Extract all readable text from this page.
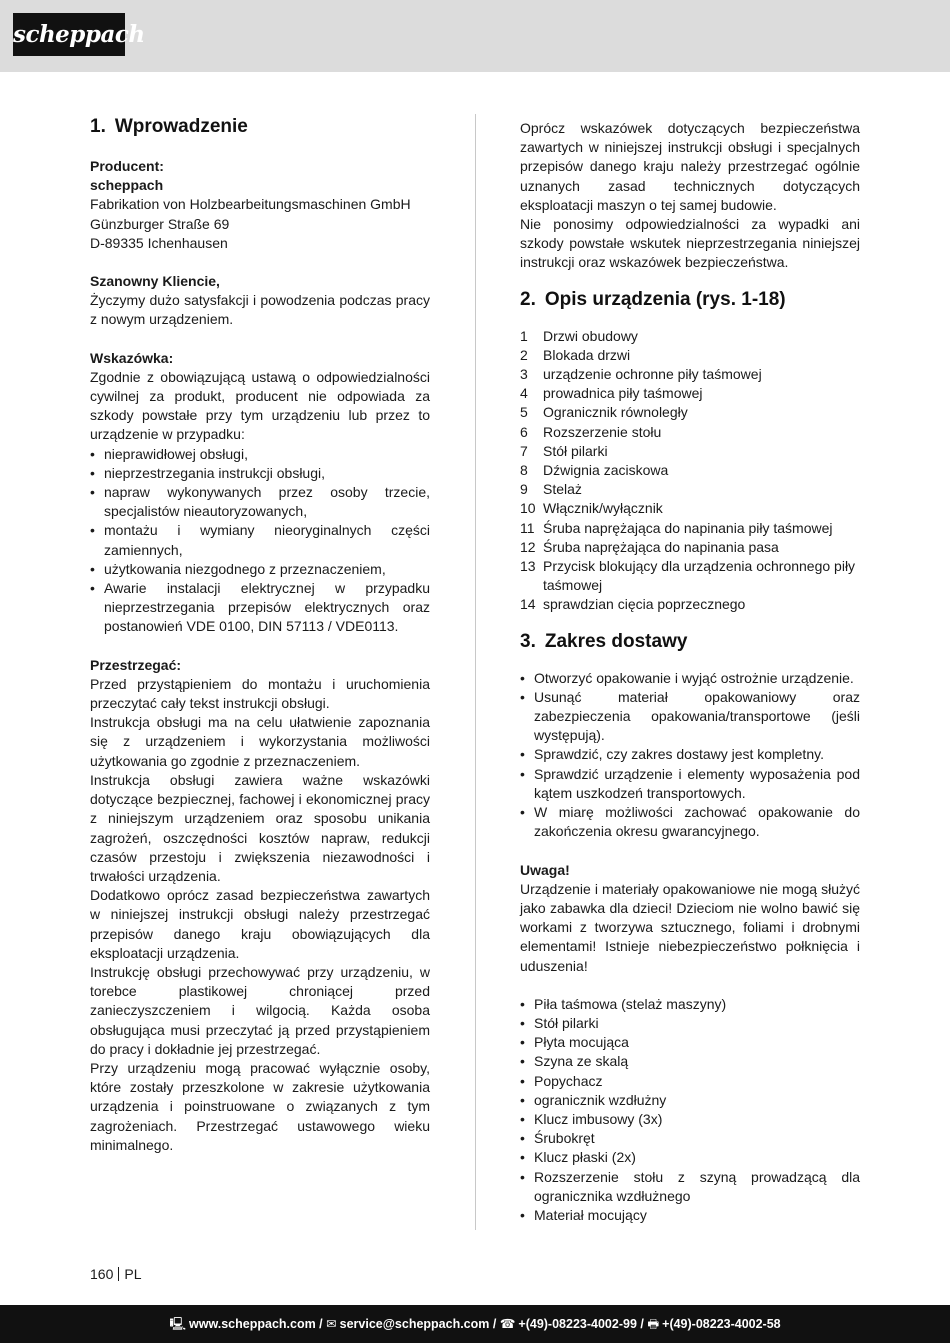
scheppach
1. Wprowadzenie

Producent:

scheppach

Fabrikation von Holzbearbeitungsmaschinen GmbH

Günzburger Straße 69

D-89335 Ichenhausen

Szanowny Kliencie,

Życzymy dużo satysfakcji i powodzenia podczas pracy z nowym urządzeniem.

Wskazówka:

Zgodnie z obowiązującą ustawą o odpowiedzialności cywilnej za produkt, producent nie odpowiada za szkody powstałe przy tym urządzeniu lub przez to urządzenie w przypadku:

• nieprawidłowej obsługi,
• nieprzestrzegania instrukcji obsługi,
• napraw wykonywanych przez osoby trzecie, specjalistów nieautoryzowanych,
• montażu i wymiany nieoryginalnych części zamiennych,
• użytkowania niezgodnego z przeznaczeniem,
• Awarie instalacji elektrycznej w przypadku nieprzestrzegania przepisów elektrycznych oraz postanowień VDE 0100, DIN 57113 / VDE0113.

Przestrzegać:

Przed przystąpieniem do montażu i uruchomienia przeczytać cały tekst instrukcji obsługi.

Instrukcja obsługi ma na celu ułatwienie zapoznania się z urządzeniem i wykorzystania możliwości użytkowania go zgodnie z przeznaczeniem.

Instrukcja obsługi zawiera ważne wskazówki dotyczące bezpiecznej, fachowej i ekonomicznej pracy z niniejszym urządzeniem oraz sposobu unikania zagrożeń, oszczędności kosztów napraw, redukcji czasów przestoju i zwiększenia niezawodności i trwałości urządzenia.

Dodatkowo oprócz zasad bezpieczeństwa zawartych w niniejszej instrukcji obsługi należy przestrzegać przepisów danego kraju obowiązujących dla eksploatacji urządzenia.

Instrukcję obsługi przechowywać przy urządzeniu, w torebce plastikowej chroniącej przed zanieczyszczeniem i wilgocią. Każda osoba obsługująca musi przeczytać ją przed przystąpieniem do pracy i dokładnie jej przestrzegać.

Przy urządzeniu mogą pracować wyłącznie osoby, które zostały przeszkolone w zakresie użytkowania urządzenia i poinstruowane o związanych z tym zagrożeniach. Przestrzegać ustawowego wieku minimalnego.

Oprócz wskazówek dotyczących bezpieczeństwa zawartych w niniejszej instrukcji obsługi i specjalnych przepisów danego kraju należy przestrzegać ogólnie uznanych zasad technicznych dotyczących eksploatacji maszyn o tej samej budowie.

Nie ponosimy odpowiedzialności za wypadki ani szkody powstałe wskutek nieprzestrzegania niniejszej instrukcji oraz wskazówek bezpieczeństwa.

2. Opis urządzenia (rys. 1-18)
1 Drzwi obudowy
2 Blokada drzwi
3 urządzenie ochronne piły taśmowej
4 prowadnica piły taśmowej
5 Ogranicznik równoległy
6 Rozszerzenie stołu
7 Stół pilarki
8 Dźwignia zaciskowa
9 Stelaż
10 Włącznik/wyłącznik
11 Śruba naprężająca do napinania piły taśmowej
12 Śruba naprężająca do napinania pasa
13 Przycisk blokujący dla urządzenia ochronnego piły taśmowej
14 sprawdzian cięcia poprzecznego
3. Zakres dostawy
• Otworzyć opakowanie i wyjąć ostrożnie urządzenie.
• Usunąć materiał opakowaniowy oraz zabezpieczenia opakowania/transportowe (jeśli występują).
• Sprawdzić, czy zakres dostawy jest kompletny.
• Sprawdzić urządzenie i elementy wyposażenia pod kątem uszkodzeń transportowych.
• W miarę możliwości zachować opakowanie do zakończenia okresu gwarancyjnego.

Uwaga!

Urządzenie i materiały opakowaniowe nie mogą służyć jako zabawka dla dzieci! Dzieciom nie wolno bawić się workami z tworzywa sztucznego, foliami i drobnymi elementami! Istnieje niebezpieczeństwo połknięcia i uduszenia!

• Piła taśmowa (stelaż maszyny)
• Stół pilarki
• Płyta mocująca
• Szyna ze skalą
• Popychacz
• ogranicznik wzdłużny
• Klucz imbusowy (3x)
• Śrubokręt
• Klucz płaski (2x)
• Rozszerzenie stołu z szyną prowadzącą dla ogranicznika wzdłużnego
• Materiał mocujący
160 PL
🖳 www.scheppach.com / ✉ service@scheppach.com / ☎ +(49)-08223-4002-99 / 🖶 +(49)-08223-4002-58
